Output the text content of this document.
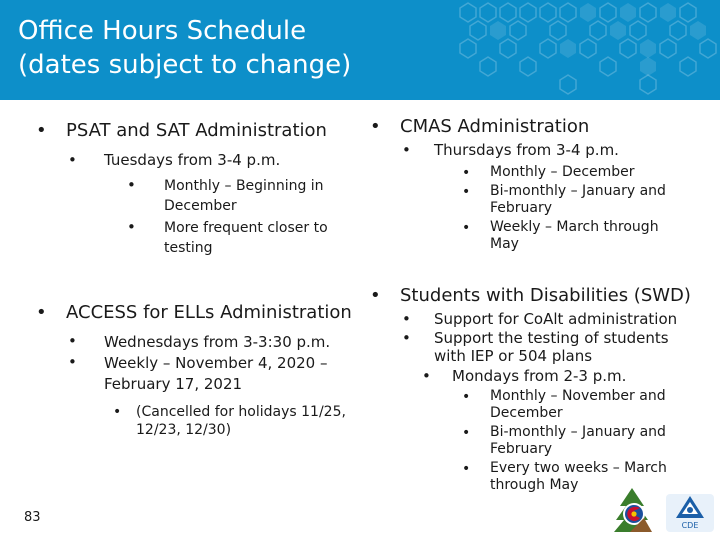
Office Hours Schedule
(dates subject to change)
• PSAT and SAT Administration
• Tuesdays from 3-4 p.m.
• Monthly – Beginning in December
• More frequent closer to testing
• ACCESS for ELLs Administration
• Wednesdays from 3-3:30 p.m.
• Weekly – November 4, 2020 – February 17, 2021
• (Cancelled for holidays 11/25, 12/23, 12/30)
• CMAS Administration
• Thursdays from 3-4 p.m.
• Monthly – December
• Bi-monthly – January and February
• Weekly – March through May
• Students with Disabilities (SWD)
• Support for CoAlt administration
• Support the testing of students with IEP or 504 plans
• Mondays from 2-3 p.m.
• Monthly – November and December
• Bi-monthly – January and February
• Every two weeks – March through May
83
CDE
